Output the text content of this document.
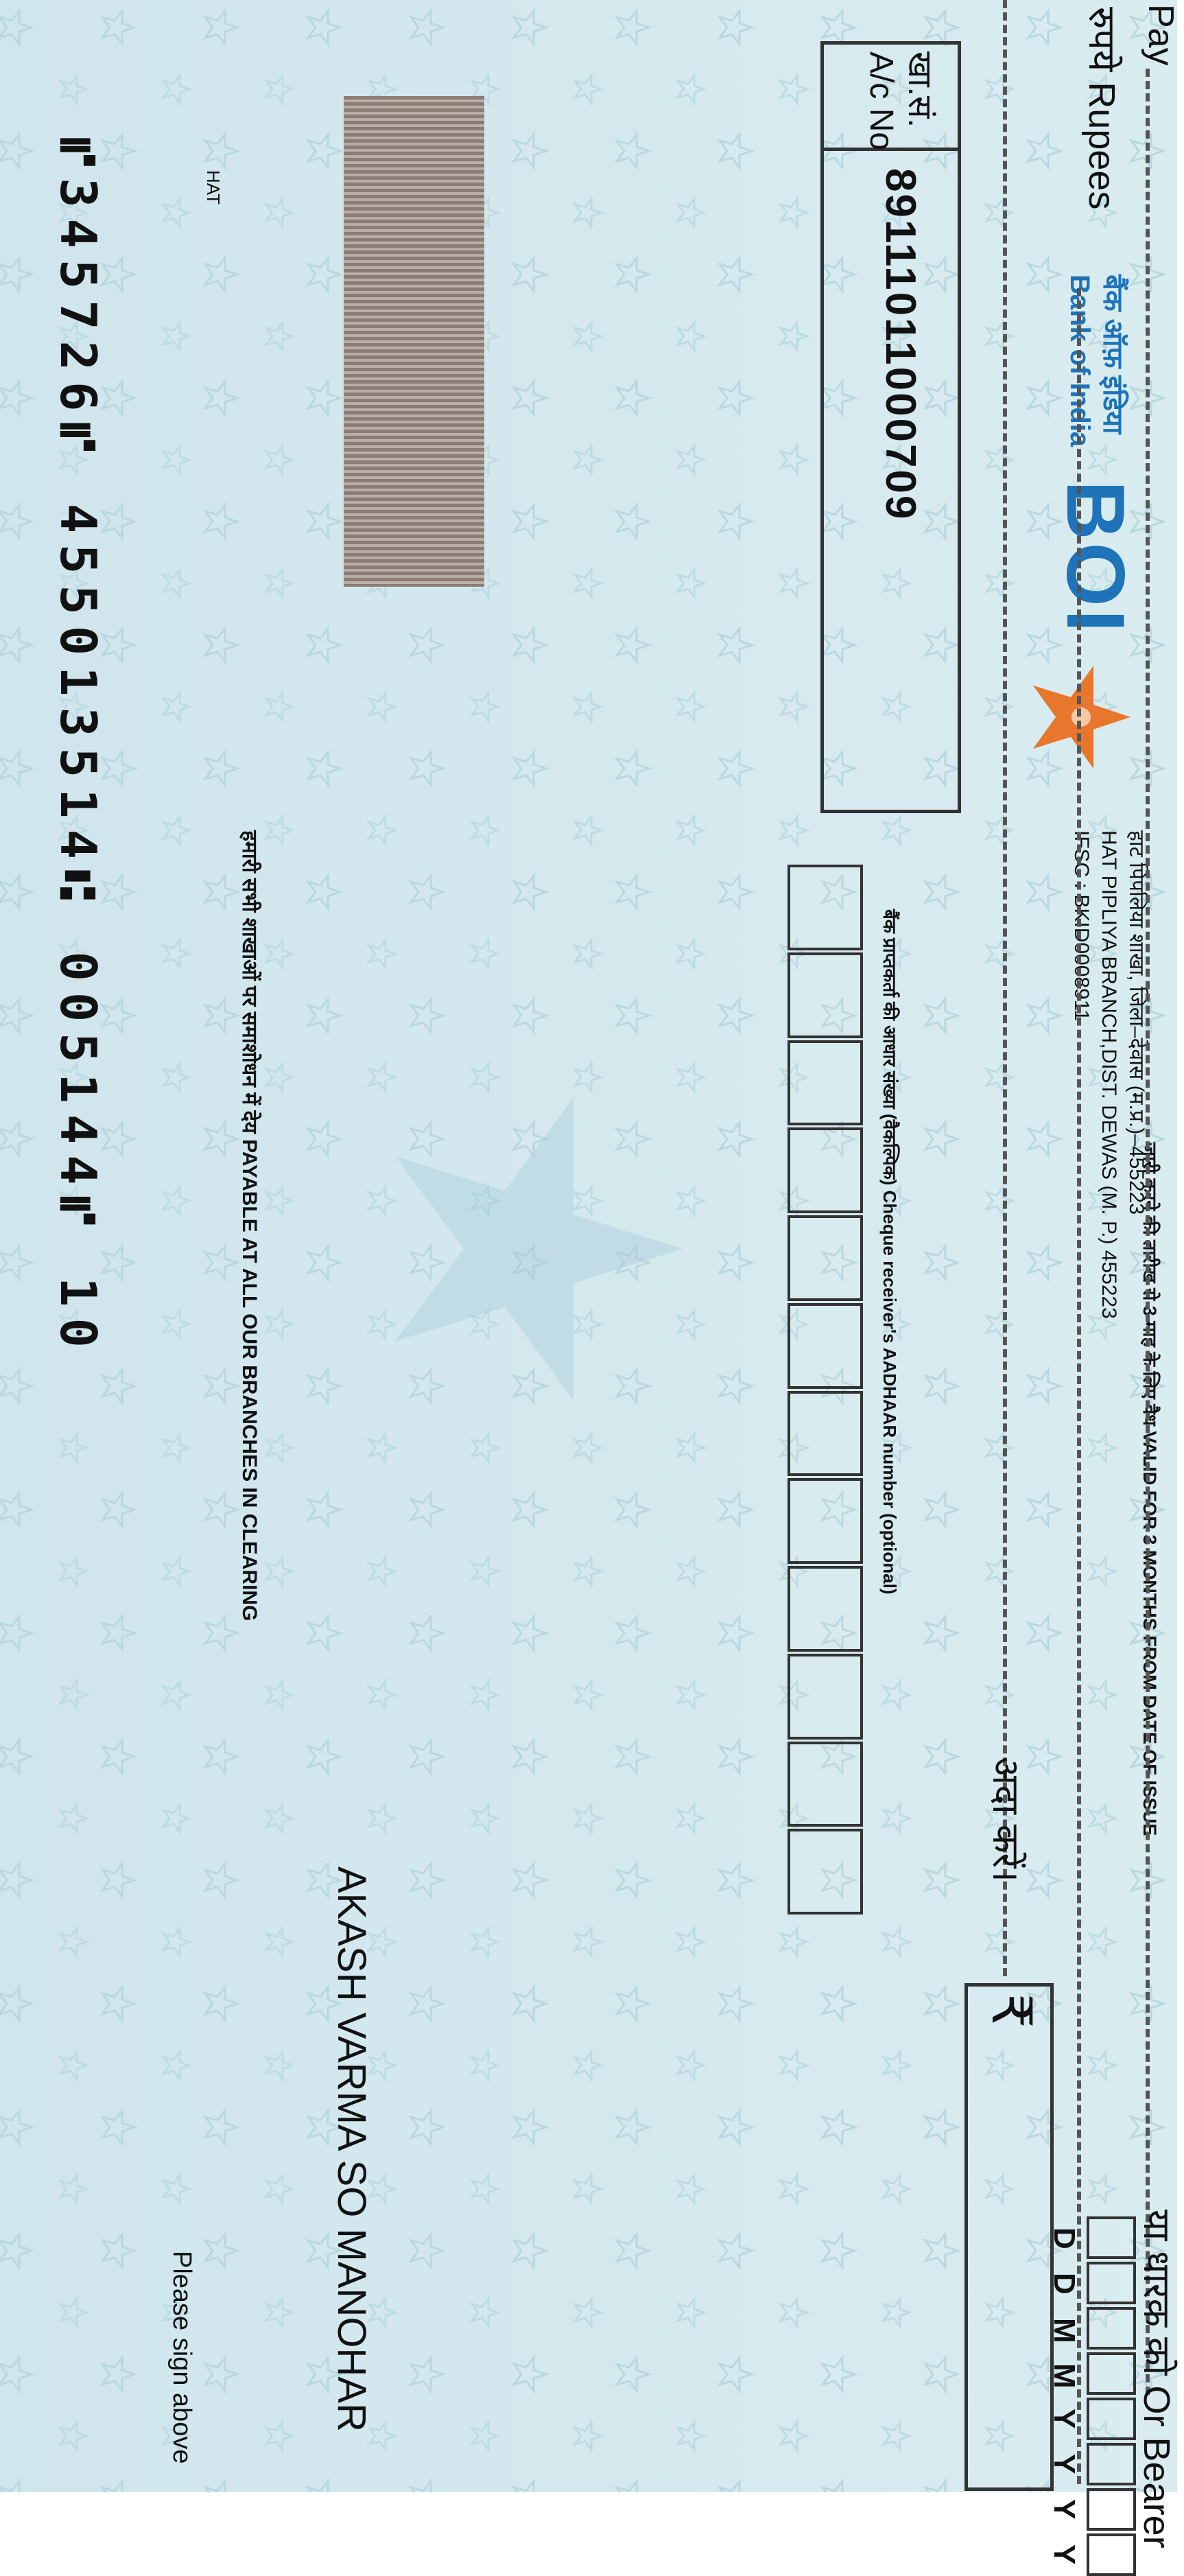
जारी करने की तारीख से 3 माह के लिए वैध VALID FOR 3 MONTHS FROM DATE OF ISSUE
D
D
M
M
Y
Y
Y
Y
हाट पिपलिया शाखा, जिला–देवास (म.प्र.)–455223
HAT PIPLIYA BRANCH,DIST. DEWAS (M. P.) 455223
IFSC : BKID0008911
बैंक ऑफ़ इंडिया
Bank of India
BOI
Pay
या धारक को Or Bearer
रुपये Rupees
₹
अदा करें।
खा.सं.
A/c No
89111011000709
बैंक प्राप्तकर्ता की आधार संख्या (वैकल्पिक) Cheque receiver's AADHAAR number (optional)
AKASH VARMA SO MANOHAR
Please sign above
हमारी सभी शाखाओं पर समाशोधन में देय PAYABLE AT ALL OUR BRANCHES IN CLEARING
HAT
⑈345726⑈ 455013514⑆ 005144⑈ 10
